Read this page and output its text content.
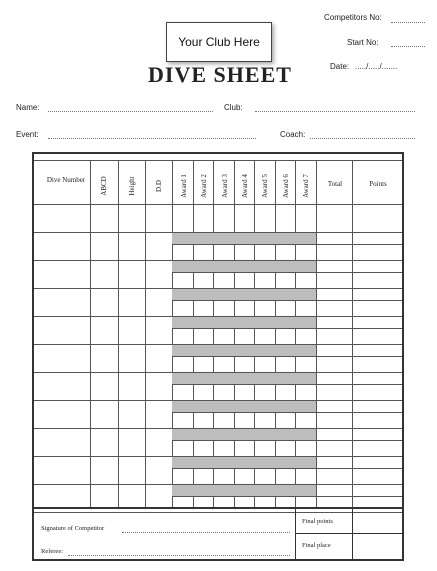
Competitors No:
Start No:
Date: ...../...../.......
Your Club Here
DIVE SHEET
Name:	Club:
Event:	Coach:
Dive Number	ABCD	Height	D.D Award 1 Award 2 Award 3 Award 4 Award 5 Award 6 Award 7	Total	Points
Signature of Competitor
Referee:
Final points
Final place
